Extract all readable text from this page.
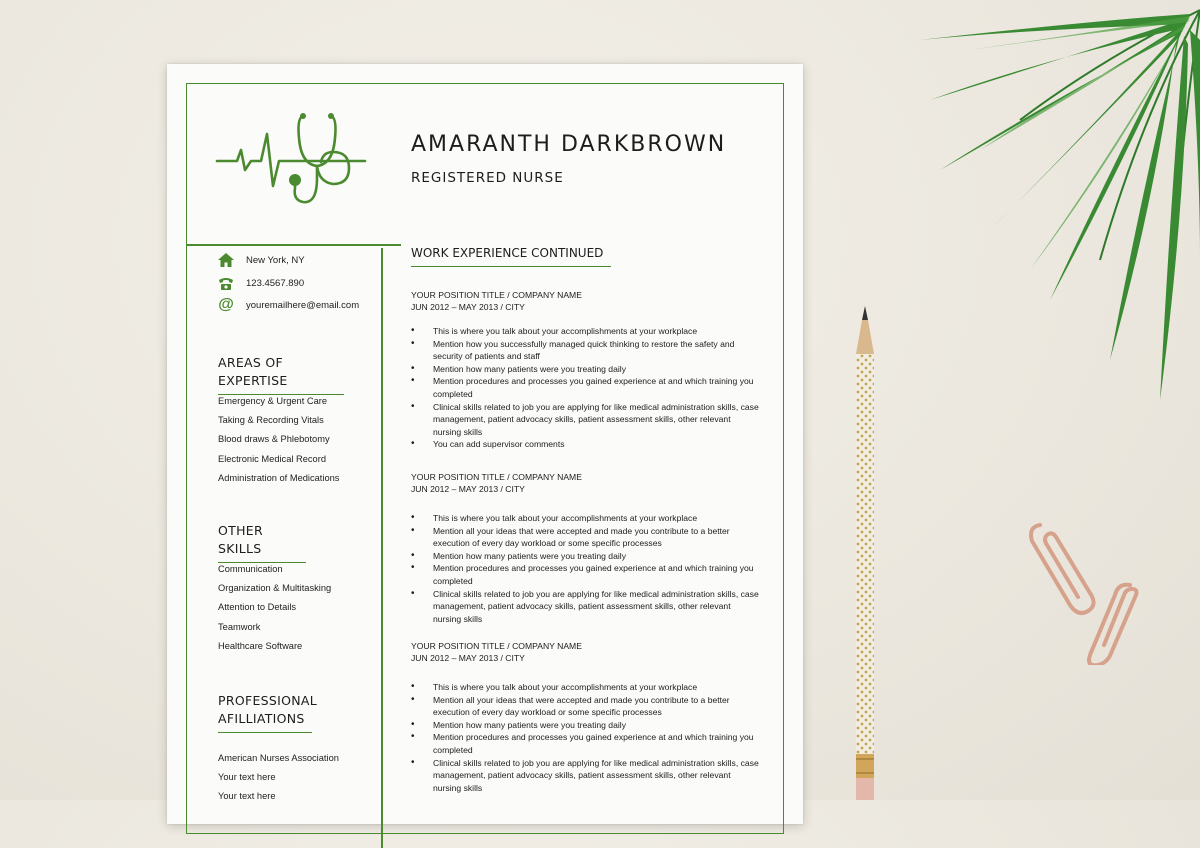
AMARANTH DARKBROWN
REGISTERED NURSE
New York, NY
123.4567.890
@ youremailhere@email.com
AREAS OF EXPERTISE
Emergency & Urgent Care
Taking & Recording Vitals
Blood draws & Phlebotomy
Electronic Medical Record
Administration of Medications
OTHER SKILLS
Communication
Organization & Multitasking
Attention to Details
Teamwork
Healthcare Software
PROFESSIONAL
AFILLIATIONS
American Nurses Association
Your text here
Your text here
WORK EXPERIENCE CONTINUED
YOUR POSITION TITLE / COMPANY NAME
JUN 2012 – MAY 2013 / CITY
• This is where you talk about your accomplishments at your workplace
• Mention how you successfully managed quick thinking to restore the safety and security of patients and staff
• Mention how many patients were you treating daily
• Mention procedures and processes you gained experience at and which training you completed
• Clinical skills related to job you are applying for like medical administration skills, case management, patient advocacy skills, patient assessment skills, other relevant nursing skills
• You can add supervisor comments
YOUR POSITION TITLE / COMPANY NAME
JUN 2012 – MAY 2013 / CITY
• This is where you talk about your accomplishments at your workplace
• Mention all your ideas that were accepted and made you contribute to a better execution of every day workload or some specific processes
• Mention how many patients were you treating daily
• Mention procedures and processes you gained experience at and which training you completed
• Clinical skills related to job you are applying for like medical administration skills, case management, patient advocacy skills, patient assessment skills, other relevant nursing skills
YOUR POSITION TITLE / COMPANY NAME
JUN 2012 – MAY 2013 / CITY
• This is where you talk about your accomplishments at your workplace
• Mention all your ideas that were accepted and made you contribute to a better execution of every day workload or some specific processes
• Mention how many patients were you treating daily
• Mention procedures and processes you gained experience at and which training you completed
• Clinical skills related to job you are applying for like medical administration skills, case management, patient advocacy skills, patient assessment skills, other relevant nursing skills
